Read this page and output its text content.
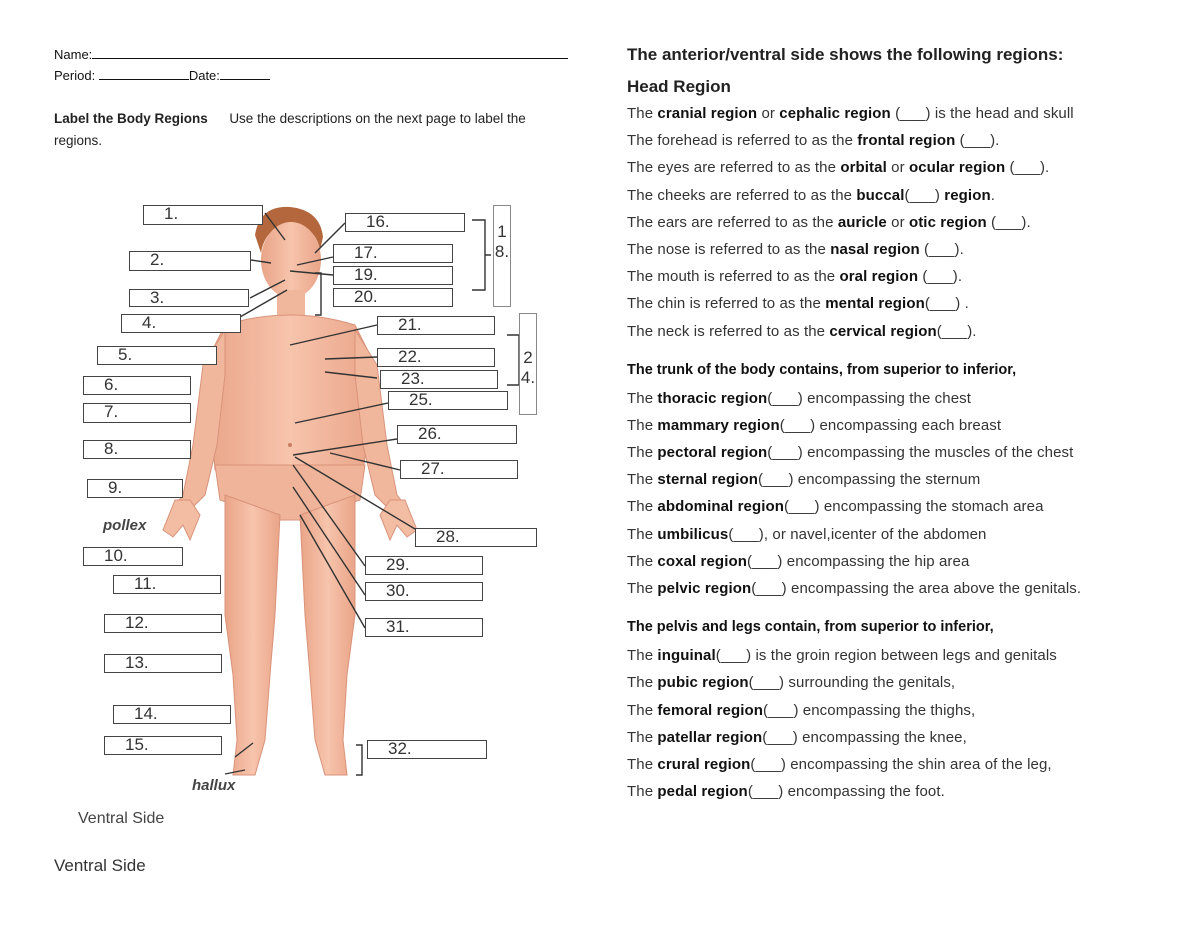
Name:
Period:	Date:
Label the Body Regions Use the descriptions on the next page to label the regions.
1.
2.
3.
4.
5.
6.
7.
8.
9.
10.
11.
12.
13.
14.
15.
16.
17.
19.
20.
21.
22.
23.
25.
26.
27.
28.
29.
30.
31.
32.
1
8.
2
4.
pollex
hallux
Ventral Side
The anterior/ventral side shows the following regions:
Head Region
The cranial region or cephalic region (___) is the head and skull
The forehead is referred to as the frontal region (___).
The eyes are referred to as the orbital or ocular region (___).
The cheeks are referred to as the buccal(___) region.
The ears are referred to as the auricle or otic region (___).
The nose is referred to as the nasal region (___).
The mouth is referred to as the oral region (___).
The chin is referred to as the mental region(___) .
The neck is referred to as the cervical region(___).
The trunk of the body contains, from superior to inferior,
The thoracic region(___) encompassing the chest
The mammary region(___) encompassing each breast
The pectoral region(___) encompassing the muscles of the chest
The sternal region(___) encompassing the sternum
The abdominal region(___) encompassing the stomach area
The umbilicus(___), or navel,icenter of the abdomen
The coxal region(___) encompassing the hip area
The pelvic region(___) encompassing the area above the genitals.
The pelvis and legs contain, from superior to inferior,
The inguinal(___) is the groin region between legs and genitals
The pubic region(___) surrounding the genitals,
The femoral region(___) encompassing the thighs,
The patellar region(___) encompassing the knee,
The crural region(___) encompassing the shin area of the leg,
The pedal region(___) encompassing the foot.
Ventral Side
